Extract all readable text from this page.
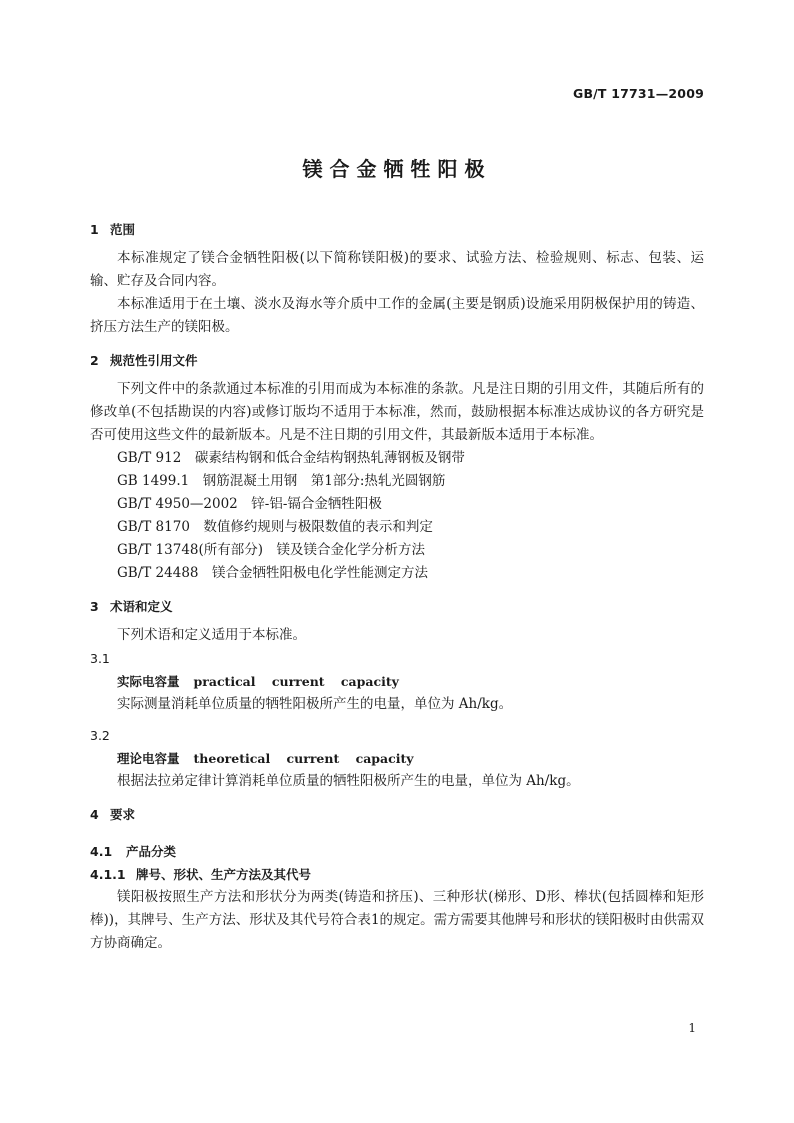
GB/T 17731—2009
镁合金牺牲阳极
1 范围
本标准规定了镁合金牺牲阳极(以下简称镁阳极)的要求、试验方法、检验规则、标志、包装、运输、贮存及合同内容。
本标准适用于在土壤、淡水及海水等介质中工作的金属(主要是钢质)设施采用阴极保护用的铸造、挤压方法生产的镁阳极。
2 规范性引用文件
下列文件中的条款通过本标准的引用而成为本标准的条款。凡是注日期的引用文件，其随后所有的修改单(不包括勘误的内容)或修订版均不适用于本标准，然而，鼓励根据本标准达成协议的各方研究是否可使用这些文件的最新版本。凡是不注日期的引用文件，其最新版本适用于本标准。
GB/T 912　碳素结构钢和低合金结构钢热轧薄钢板及钢带
GB 1499.1　钢筋混凝土用钢　第1部分:热轧光圆钢筋
GB/T 4950—2002　锌-铝-镉合金牺牲阳极
GB/T 8170　数值修约规则与极限数值的表示和判定
GB/T 13748(所有部分)　镁及镁合金化学分析方法
GB/T 24488　镁合金牺牲阳极电化学性能测定方法
3 术语和定义
下列术语和定义适用于本标准。
3.1
实际电容量 practical current capacity
实际测量消耗单位质量的牺牲阳极所产生的电量，单位为 Ah/kg。
3.2
理论电容量 theoretical current capacity
根据法拉弟定律计算消耗单位质量的牺牲阳极所产生的电量，单位为 Ah/kg。
4 要求
4.1 产品分类
4.1.1 牌号、形状、生产方法及其代号
镁阳极按照生产方法和形状分为两类(铸造和挤压)、三种形状(梯形、D形、棒状(包括圆棒和矩形棒))，其牌号、生产方法、形状及其代号符合表1的规定。需方需要其他牌号和形状的镁阳极时由供需双方协商确定。
1
